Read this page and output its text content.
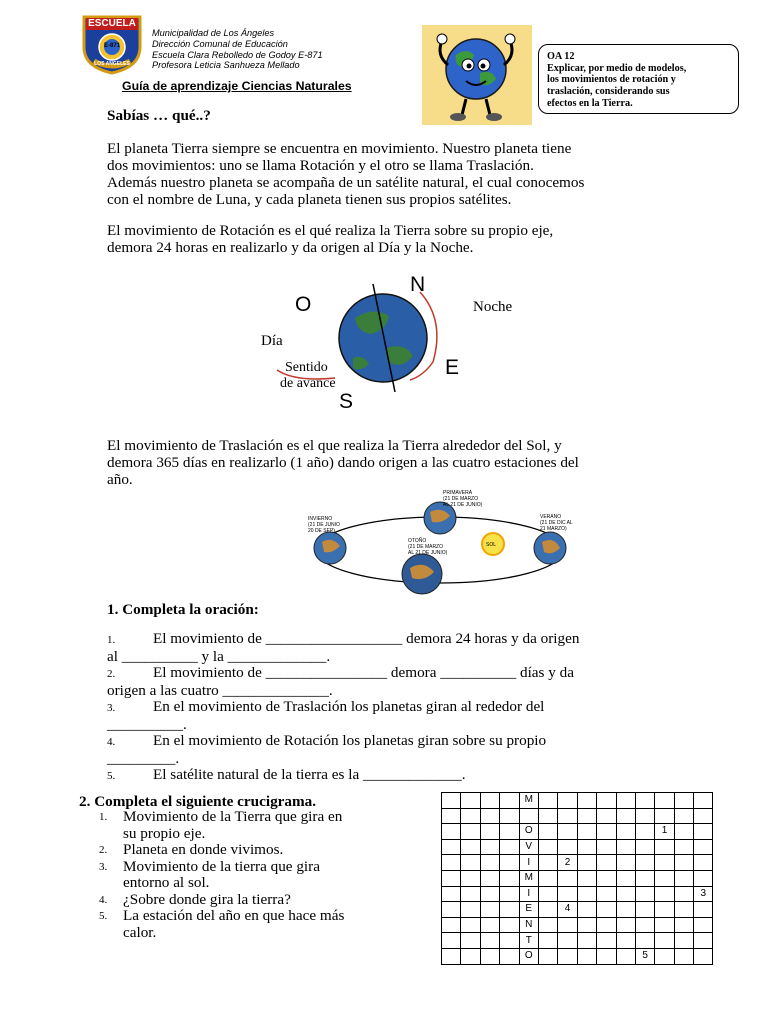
ESCUELA
E-871
LOS ANGELES
Municipalidad de Los Ángeles
Dirección Comunal de Educación
Escuela Clara Rebolledo de Godoy E-871
Profesora Leticia Sanhueza Mellado
Guía de aprendizaje Ciencias Naturales
OA 12
Explicar, por medio de modelos,
los movimientos de rotación y
traslación, considerando sus
efectos en la Tierra.
Sabías … qué..?

El planeta Tierra siempre se encuentra en movimiento. Nuestro planeta tiene

dos movimientos: uno se llama Rotación y el otro se llama Traslación.

Además nuestro planeta se acompaña de un satélite natural, el cual conocemos

con el nombre de Luna, y cada planeta tienen sus propios satélites.

El movimiento de Rotación es el qué realiza la Tierra sobre su propio eje,

demora 24 horas en realizarlo y da origen al Día y la Noche.

N
O
E
S
Noche
Día
Sentido
de avance

El movimiento de Traslación es el que realiza la Tierra alrededor del Sol, y

demora 365 días en realizarlo (1 año) dando origen a las cuatro estaciones del

año.

PRIMAVERA
(21 DE MARZO
AL 21 DE JUNIO)
INVIERNO
(21 DE JUNIO
20 DE SEP)
VERANO
(21 DE DIC AL
21 MARZO)
OTOÑO
(21 DE MARZO
AL 21 DE JUNIO)
SOL
1. Completa la oración:
1. El movimiento de __________________ demora 24 horas y da origen
al __________ y la _____________.
2. El movimiento de ________________ demora __________ días y da
origen a las cuatro ______________.
3. En el movimiento de Traslación los planetas giran al rededor del
__________.
4. En el movimiento de Rotación los planetas giran sobre su propio
_________.
5. El satélite natural de la tierra es la _____________.
2. Completa el siguiente crucigrama.
1. Movimiento de la Tierra que gira en
su propio eje.
2. Planeta en donde vivimos.
3. Movimiento de la tierra que gira
entorno al sol.
4. ¿Sobre donde gira la tierra?
5. La estación del año en que hace más
calor.
				M									

				O							1		
				V									
				I		2							
				M									
				I									3
				E		4							
				N									
				T									
				O						5			
